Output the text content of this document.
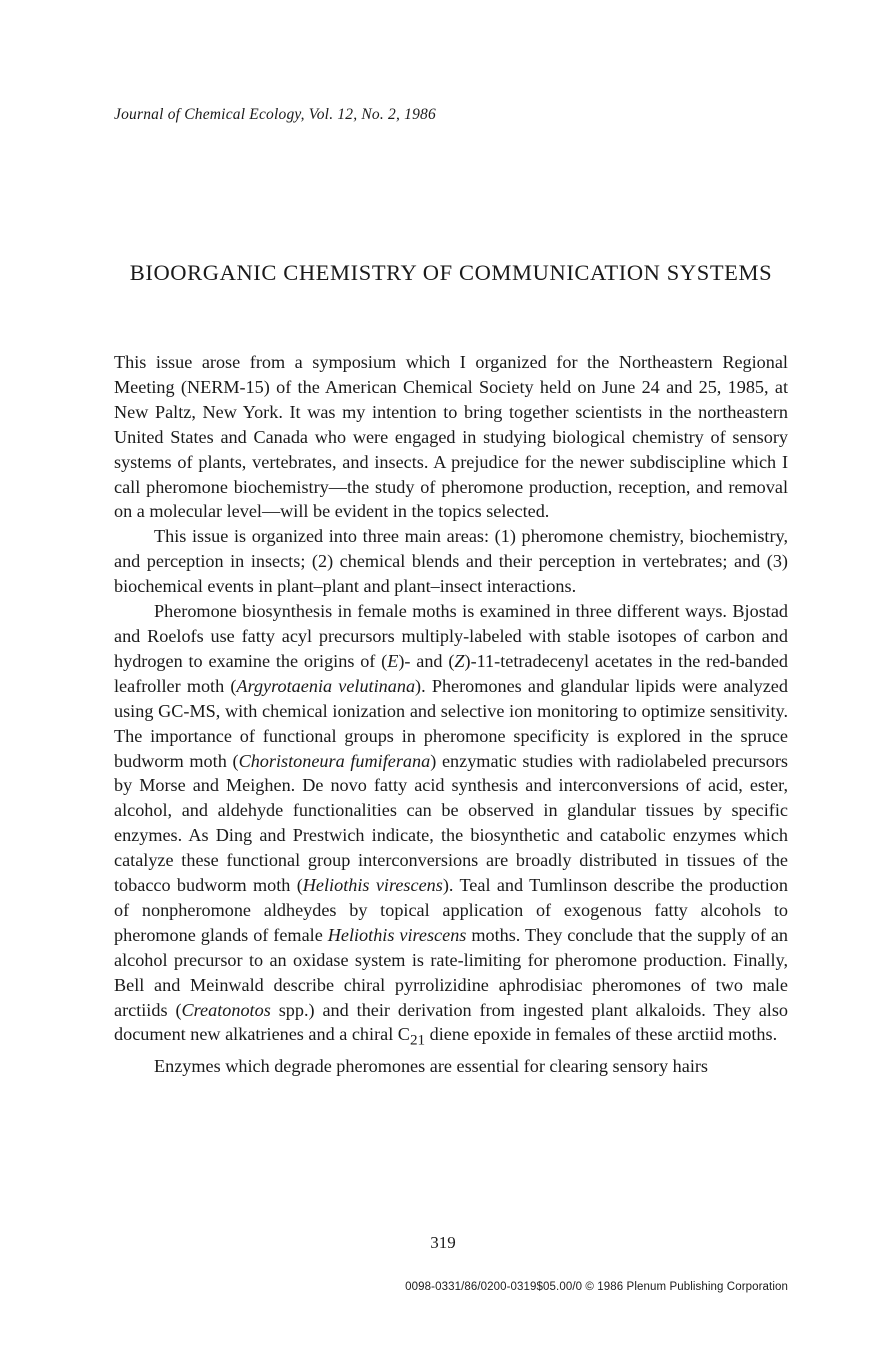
Journal of Chemical Ecology, Vol. 12, No. 2, 1986
BIOORGANIC CHEMISTRY OF COMMUNICATION SYSTEMS

This issue arose from a symposium which I organized for the Northeastern Regional Meeting (NERM-15) of the American Chemical Society held on June 24 and 25, 1985, at New Paltz, New York. It was my intention to bring together scientists in the northeastern United States and Canada who were engaged in studying biological chemistry of sensory systems of plants, vertebrates, and insects. A prejudice for the newer subdiscipline which I call pheromone biochemistry—the study of pheromone production, reception, and removal on a molecular level—will be evident in the topics selected.

This issue is organized into three main areas: (1) pheromone chemistry, biochemistry, and perception in insects; (2) chemical blends and their perception in vertebrates; and (3) biochemical events in plant–plant and plant–insect interactions.

Pheromone biosynthesis in female moths is examined in three different ways. Bjostad and Roelofs use fatty acyl precursors multiply-labeled with stable isotopes of carbon and hydrogen to examine the origins of (E)- and (Z)-11-tetradecenyl acetates in the red-banded leafroller moth (Argyrotaenia velutinana). Pheromones and glandular lipids were analyzed using GC-MS, with chemical ionization and selective ion monitoring to optimize sensitivity. The importance of functional groups in pheromone specificity is explored in the spruce budworm moth (Choristoneura fumiferana) enzymatic studies with radiolabeled precursors by Morse and Meighen. De novo fatty acid synthesis and interconversions of acid, ester, alcohol, and aldehyde functionalities can be observed in glandular tissues by specific enzymes. As Ding and Prestwich indicate, the biosynthetic and catabolic enzymes which catalyze these functional group interconversions are broadly distributed in tissues of the tobacco budworm moth (Heliothis virescens). Teal and Tumlinson describe the production of nonpheromone aldheydes by topical application of exogenous fatty alcohols to pheromone glands of female Heliothis virescens moths. They conclude that the supply of an alcohol precursor to an oxidase system is rate-limiting for pheromone production. Finally, Bell and Meinwald describe chiral pyrrolizidine aphrodisiac pheromones of two male arctiids (Creatonotos spp.) and their derivation from ingested plant alkaloids. They also document new alkatrienes and a chiral $C_{21}$ diene epoxide in females of these arctiid moths.

Enzymes which degrade pheromones are essential for clearing sensory hairs

319
0098-0331/86/0200-0319$05.00/0 © 1986 Plenum Publishing Corporation
